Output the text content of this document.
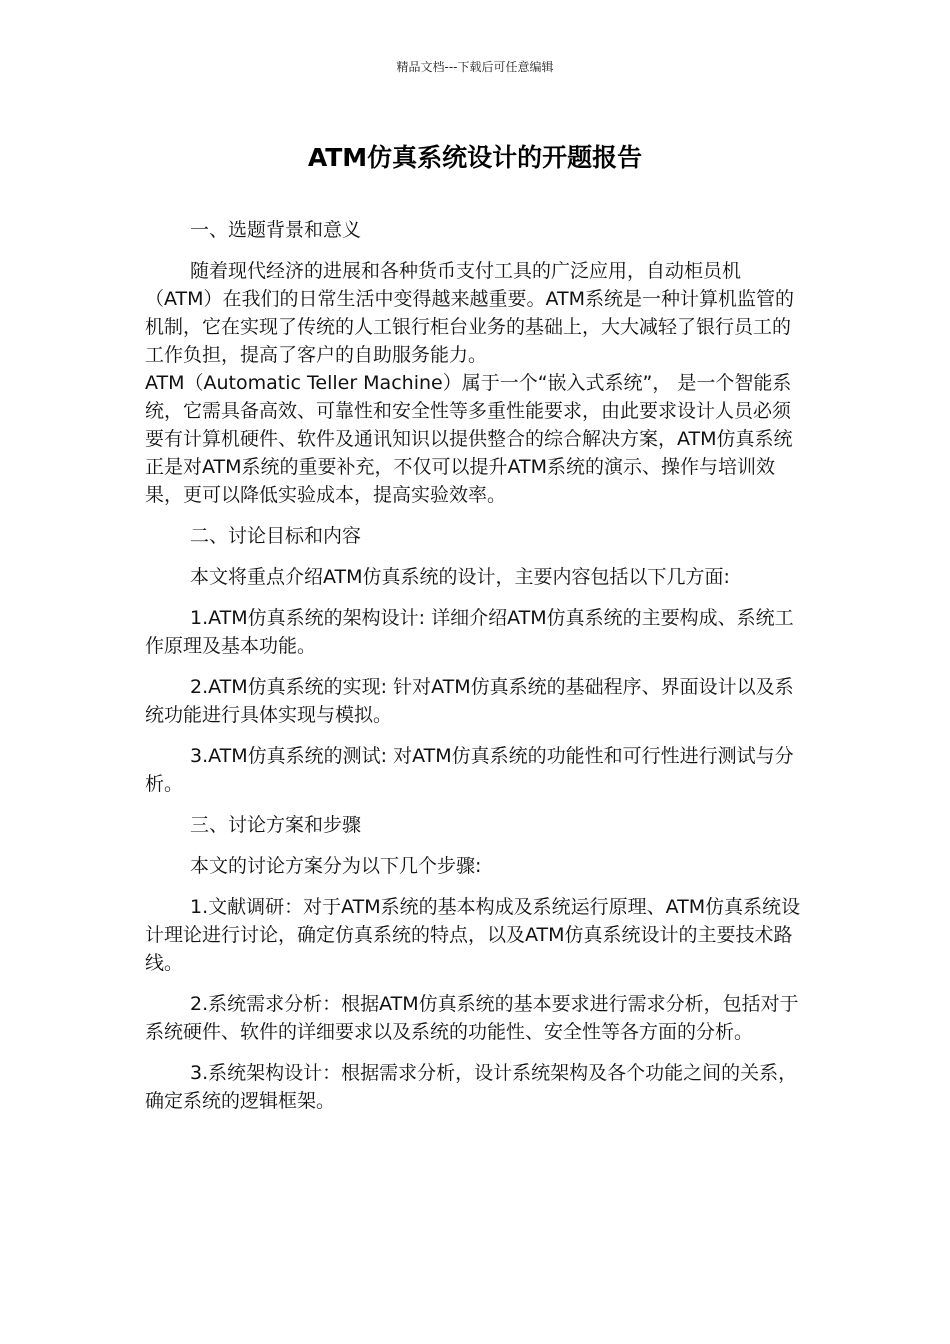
精品文档---下载后可任意编辑
ATM仿真系统设计的开题报告

一、选题背景和意义

随着现代经济的进展和各种货币支付工具的广泛应用，自动柜员机（ATM）在我们的日常生活中变得越来越重要。ATM系统是一种计算机监管的机制，它在实现了传统的人工银行柜台业务的基础上，大大减轻了银行员工的工作负担，提高了客户的自助服务能力。

ATM（Automatic Teller Machine）属于一个“嵌入式系统”， 是一个智能系统，它需具备高效、可靠性和安全性等多重性能要求，由此要求设计人员必须要有计算机硬件、软件及通讯知识以提供整合的综合解决方案，ATM仿真系统正是对ATM系统的重要补充，不仅可以提升ATM系统的演示、操作与培训效果，更可以降低实验成本，提高实验效率。

二、讨论目标和内容

本文将重点介绍ATM仿真系统的设计，主要内容包括以下几方面:

1.ATM仿真系统的架构设计: 详细介绍ATM仿真系统的主要构成、系统工作原理及基本功能。

2.ATM仿真系统的实现: 针对ATM仿真系统的基础程序、界面设计以及系统功能进行具体实现与模拟。

3.ATM仿真系统的测试: 对ATM仿真系统的功能性和可行性进行测试与分析。

三、讨论方案和步骤

本文的讨论方案分为以下几个步骤:

1.文献调研：对于ATM系统的基本构成及系统运行原理、ATM仿真系统设计理论进行讨论，确定仿真系统的特点，以及ATM仿真系统设计的主要技术路线。

2.系统需求分析：根据ATM仿真系统的基本要求进行需求分析，包括对于系统硬件、软件的详细要求以及系统的功能性、安全性等各方面的分析。

3.系统架构设计：根据需求分析，设计系统架构及各个功能之间的关系，确定系统的逻辑框架。
